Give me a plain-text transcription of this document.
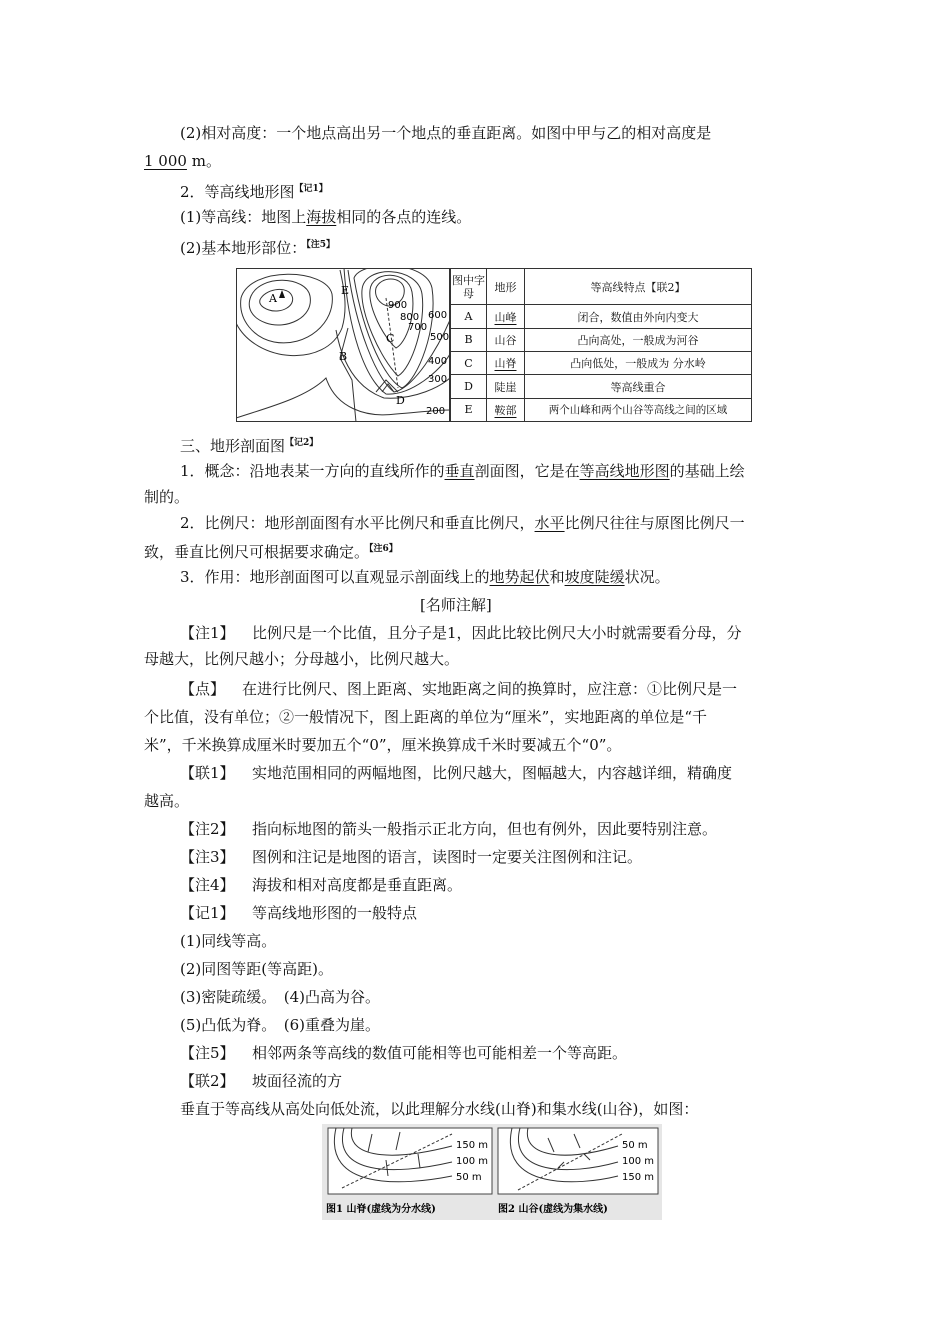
(2)相对高度：一个地点高出另一个地点的垂直距离。如图中甲与乙的相对高度是
1 000 m。
2．等高线地形图$^{【记1】}$
(1)等高线：地图上海拔相同的各点的连线。
(2)基本地形部位：$^{【注5】}$
A
B
C
D
E
900
800
700
600
500
400
300
200
图中字母	地形	等高线特点【联2】
A	山峰	闭合，数值由外向内变大
B	山谷	凸向高处，一般成为河谷
C	山脊	凸向低处，一般成为 分水岭
D	陡崖	等高线重合
E	鞍部	两个山峰和两个山谷等高线之间的区域
三、地形剖面图$^{【记2】}$
1．概念：沿地表某一方向的直线所作的垂直剖面图，它是在等高线地形图的基础上绘
制的。
2．比例尺：地形剖面图有水平比例尺和垂直比例尺，水平比例尺往往与原图比例尺一
致，垂直比例尺可根据要求确定。$^{【注6】}$
3．作用：地形剖面图可以直观显示剖面线上的地势起伏和坡度陡缓状况。
[名师注解]
【注1】 比例尺是一个比值，且分子是1，因此比较比例尺大小时就需要看分母，分
母越大，比例尺越小；分母越小，比例尺越大。
【点】 在进行比例尺、图上距离、实地距离之间的换算时，应注意：①比例尺是一
个比值，没有单位；②一般情况下，图上距离的单位为“厘米”，实地距离的单位是“千
米”，千米换算成厘米时要加五个“0”，厘米换算成千米时要减五个“0”。
【联1】 实地范围相同的两幅地图，比例尺越大，图幅越大，内容越详细，精确度
越高。
【注2】 指向标地图的箭头一般指示正北方向，但也有例外，因此要特别注意。
【注3】 图例和注记是地图的语言，读图时一定要关注图例和注记。
【注4】 海拔和相对高度都是垂直距离。
【记1】 等高线地形图的一般特点
(1)同线等高。
(2)同图等距(等高距)。
(3)密陡疏缓。　(4)凸高为谷。
(5)凸低为脊。　(6)重叠为崖。
【注5】 相邻两条等高线的数值可能相等也可能相差一个等高距。
【联2】 坡面径流的方
垂直于等高线从高处向低处流，以此理解分水线(山脊)和集水线(山谷)，如图：
150 m
100 m
50 m
图1 山脊(虚线为分水线)
50 m
100 m
150 m
图2 山谷(虚线为集水线)
